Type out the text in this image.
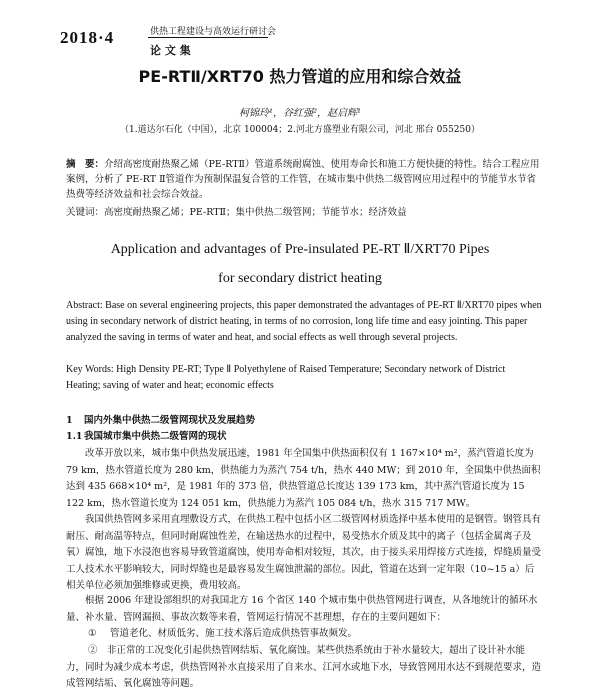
2018·4	供热工程建设与高效运行研讨会
论 文 集
PE-RTⅡ/XRT70 热力管道的应用和综合效益
柯锦玲¹，谷红强²，赵启辉¹
（1.道达尔石化（中国），北京 100004；2.河北方盛塑业有限公司，河北 邢台 055250）
摘　要：介绍高密度耐热聚乙烯（PE-RTⅡ）管道系统耐腐蚀、使用寿命长和施工方便快捷的特性。结合工程应用案例，分析了 PE-RT Ⅱ管道作为预制保温复合管的工作管，在城市集中供热二级管网应用过程中的节能节水节省热费等经济效益和社会综合效益。
关键词：高密度耐热聚乙烯；PE-RTⅡ；集中供热二级管网；节能节水；经济效益
Application and advantages of Pre-insulated PE-RT Ⅱ/XRT70 Pipes
for secondary district heating
Abstract: Base on several engineering projects, this paper demonstrated the advantages of PE-RT Ⅱ/XRT70 pipes when using in secondary network of district heating, in terms of no corrosion, long life time and easy jointing. This paper analyzed the saving in terms of water and heat, and social effects as well through several projects.
Key Words: High Density PE-RT; Type Ⅱ Polyethylene of Raised Temperature; Secondary network of District Heating; saving of water and heat; economic effects
1 国内外集中供热二级管网现状及发展趋势
1.1我国城市集中供热二级管网的现状
改革开放以来，城市集中供热发展迅速，1981 年全国集中供热面积仅有 1 167×10⁴ m²，蒸汽管道长度为 79 km，热水管道长度为 280 km，供热能力为蒸汽 754 t/h，热水 440 MW；到 2010 年，全国集中供热面积达到 435 668×10⁴ m²，是 1981 年的 373 倍，供热管道总长度达 139 173 km，其中蒸汽管道长度为 15 122 km，热水管道长度为 124 051 km，供热能力为蒸汽 105 084 t/h，热水 315 717 MW。
我国供热管网多采用直埋敷设方式，在供热工程中包括小区二级管网材质选择中基本使用的是钢管。钢管具有耐压、耐高温等特点，但同时耐腐蚀性差，在输送热水的过程中，易受热水介质及其中的离子（包括金属离子及氧）腐蚀，地下水浸泡也容易导致管道腐蚀，使用寿命相对较短，其次，由于接头采用焊接方式连接，焊缝质量受工人技术水平影响较大，同时焊缝也是最容易发生腐蚀泄漏的部位。因此，管道在达到一定年限（10~15 a）后相关单位必须加强维修或更换，费用较高。
根据 2006 年建设部组织的对我国北方 16 个省区 140 个城市集中供热管网进行调查，从各地统计的循环水量、补水量、管网漏损、事故次数等来看，管网运行情况不甚理想，存在的主要问题如下：
① 管道老化、材质低劣、施工技术落后造成供热管事故频发。
②  非正常的工况变化引起供热管网结垢、氧化腐蚀。某些供热系统由于补水量较大，超出了设计补水能力，同时为减少成本考虑，供热管网补水直接采用了自来水、江河水或地下水，导致管网用水达不到规范要求，造成管网结垢、氧化腐蚀等问题。
